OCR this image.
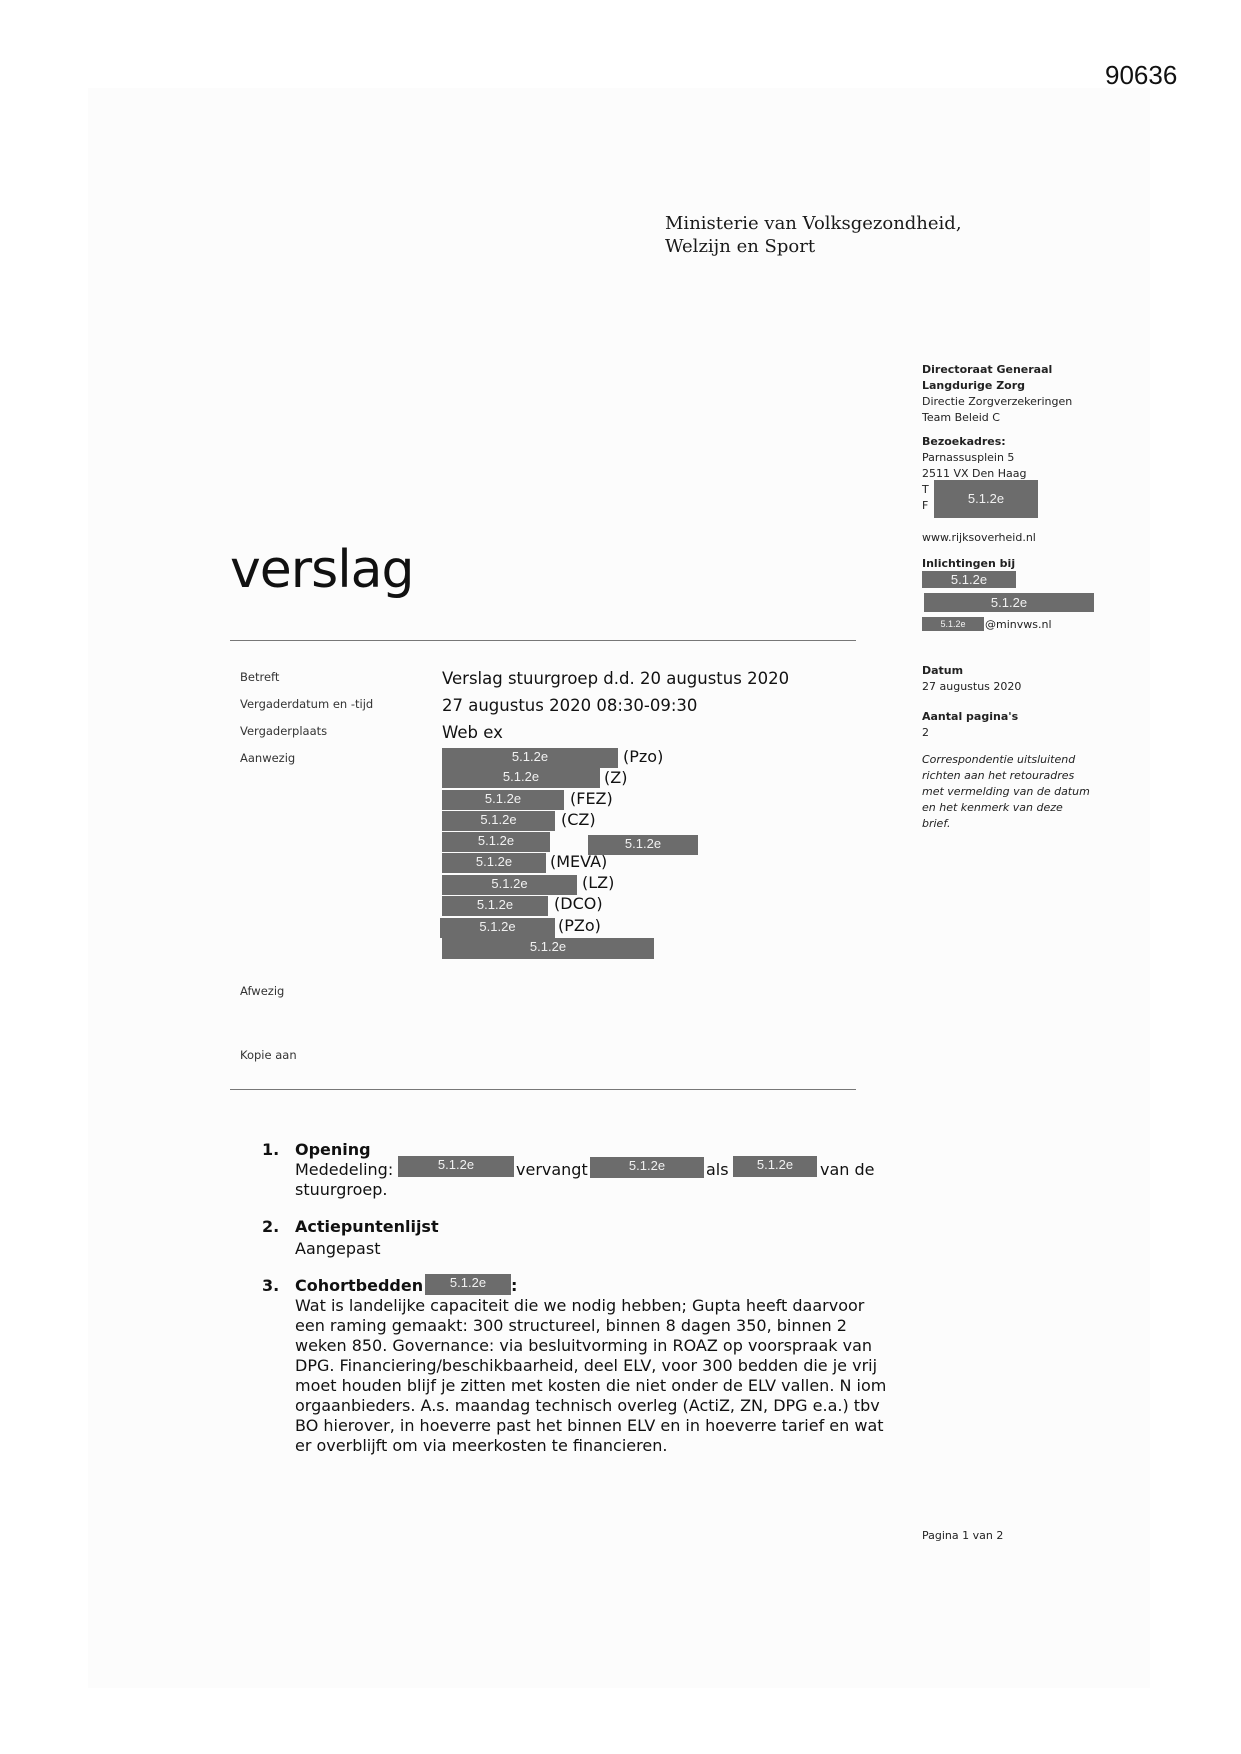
90636
Ministerie van Volksgezondheid,
Welzijn en Sport
verslag
Directoraat Generaal
Langdurige Zorg
Directie Zorgverzekeringen
Team Beleid C
Bezoekadres:
Parnassusplein 5
2511 VX Den Haag
T
F	5.1.2e
www.rijksoverheid.nl
Inlichtingen bij
5.1.2e
5.1.2e
5.1.2e	@minvws.nl
Datum
27 augustus 2020
Aantal pagina's
2
Correspondentie uitsluitend
richten aan het retouradres
met vermelding van de datum
en het kenmerk van deze
brief.
Betreft	Verslag stuurgroep d.d. 20 augustus 2020
Vergaderdatum en -tijd	27 augustus 2020 08:30-09:30
Vergaderplaats	Web ex
Aanwezig	5.1.2e	(Pzo)
5.1.2e	(Z)
5.1.2e	(FEZ)
5.1.2e	(CZ)
5.1.2e	5.1.2e
5.1.2e	(MEVA)
5.1.2e	(LZ)
5.1.2e	(DCO)
5.1.2e	(PZo)
5.1.2e
Afwezig
Kopie aan
1. Opening
Mededeling:	5.1.2e	vervangt	5.1.2e	als	5.1.2e	van de
stuurgroep.
2. Actiepuntenlijst
Aangepast
3. Cohortbedden	5.1.2e	:
Wat is landelijke capaciteit die we nodig hebben; Gupta heeft daarvoor
een raming gemaakt: 300 structureel, binnen 8 dagen 350, binnen 2
weken 850. Governance: via besluitvorming in ROAZ op voorspraak van
DPG. Financiering/beschikbaarheid, deel ELV, voor 300 bedden die je vrij
moet houden blijf je zitten met kosten die niet onder de ELV vallen. N iom
orgaanbieders. A.s. maandag technisch overleg (ActiZ, ZN, DPG e.a.) tbv
BO hierover, in hoeverre past het binnen ELV en in hoeverre tarief en wat
er overblijft om via meerkosten te financieren.
Pagina 1 van 2
